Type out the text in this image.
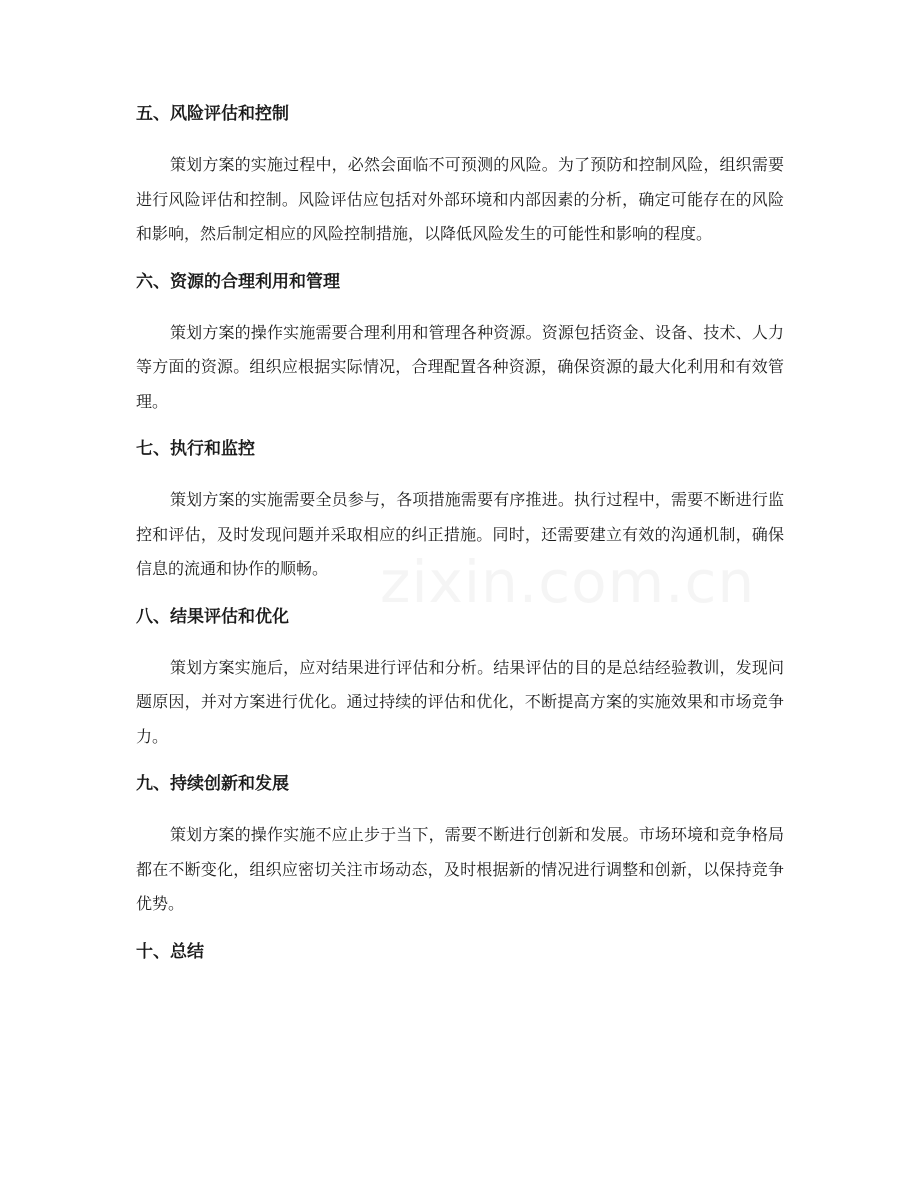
五、风险评估和控制

策划方案的实施过程中，必然会面临不可预测的风险。为了预防和控制风险，组织需要进行风险评估和控制。风险评估应包括对外部环境和内部因素的分析，确定可能存在的风险和影响，然后制定相应的风险控制措施，以降低风险发生的可能性和影响的程度。

六、资源的合理利用和管理

策划方案的操作实施需要合理利用和管理各种资源。资源包括资金、设备、技术、人力等方面的资源。组织应根据实际情况，合理配置各种资源，确保资源的最大化利用和有效管理。

七、执行和监控

策划方案的实施需要全员参与，各项措施需要有序推进。执行过程中，需要不断进行监控和评估，及时发现问题并采取相应的纠正措施。同时，还需要建立有效的沟通机制，确保信息的流通和协作的顺畅。

八、结果评估和优化

策划方案实施后，应对结果进行评估和分析。结果评估的目的是总结经验教训，发现问题原因，并对方案进行优化。通过持续的评估和优化，不断提高方案的实施效果和市场竞争力。

九、持续创新和发展

策划方案的操作实施不应止步于当下，需要不断进行创新和发展。市场环境和竞争格局都在不断变化，组织应密切关注市场动态，及时根据新的情况进行调整和创新，以保持竞争优势。

十、总结
zixin.com.cn
